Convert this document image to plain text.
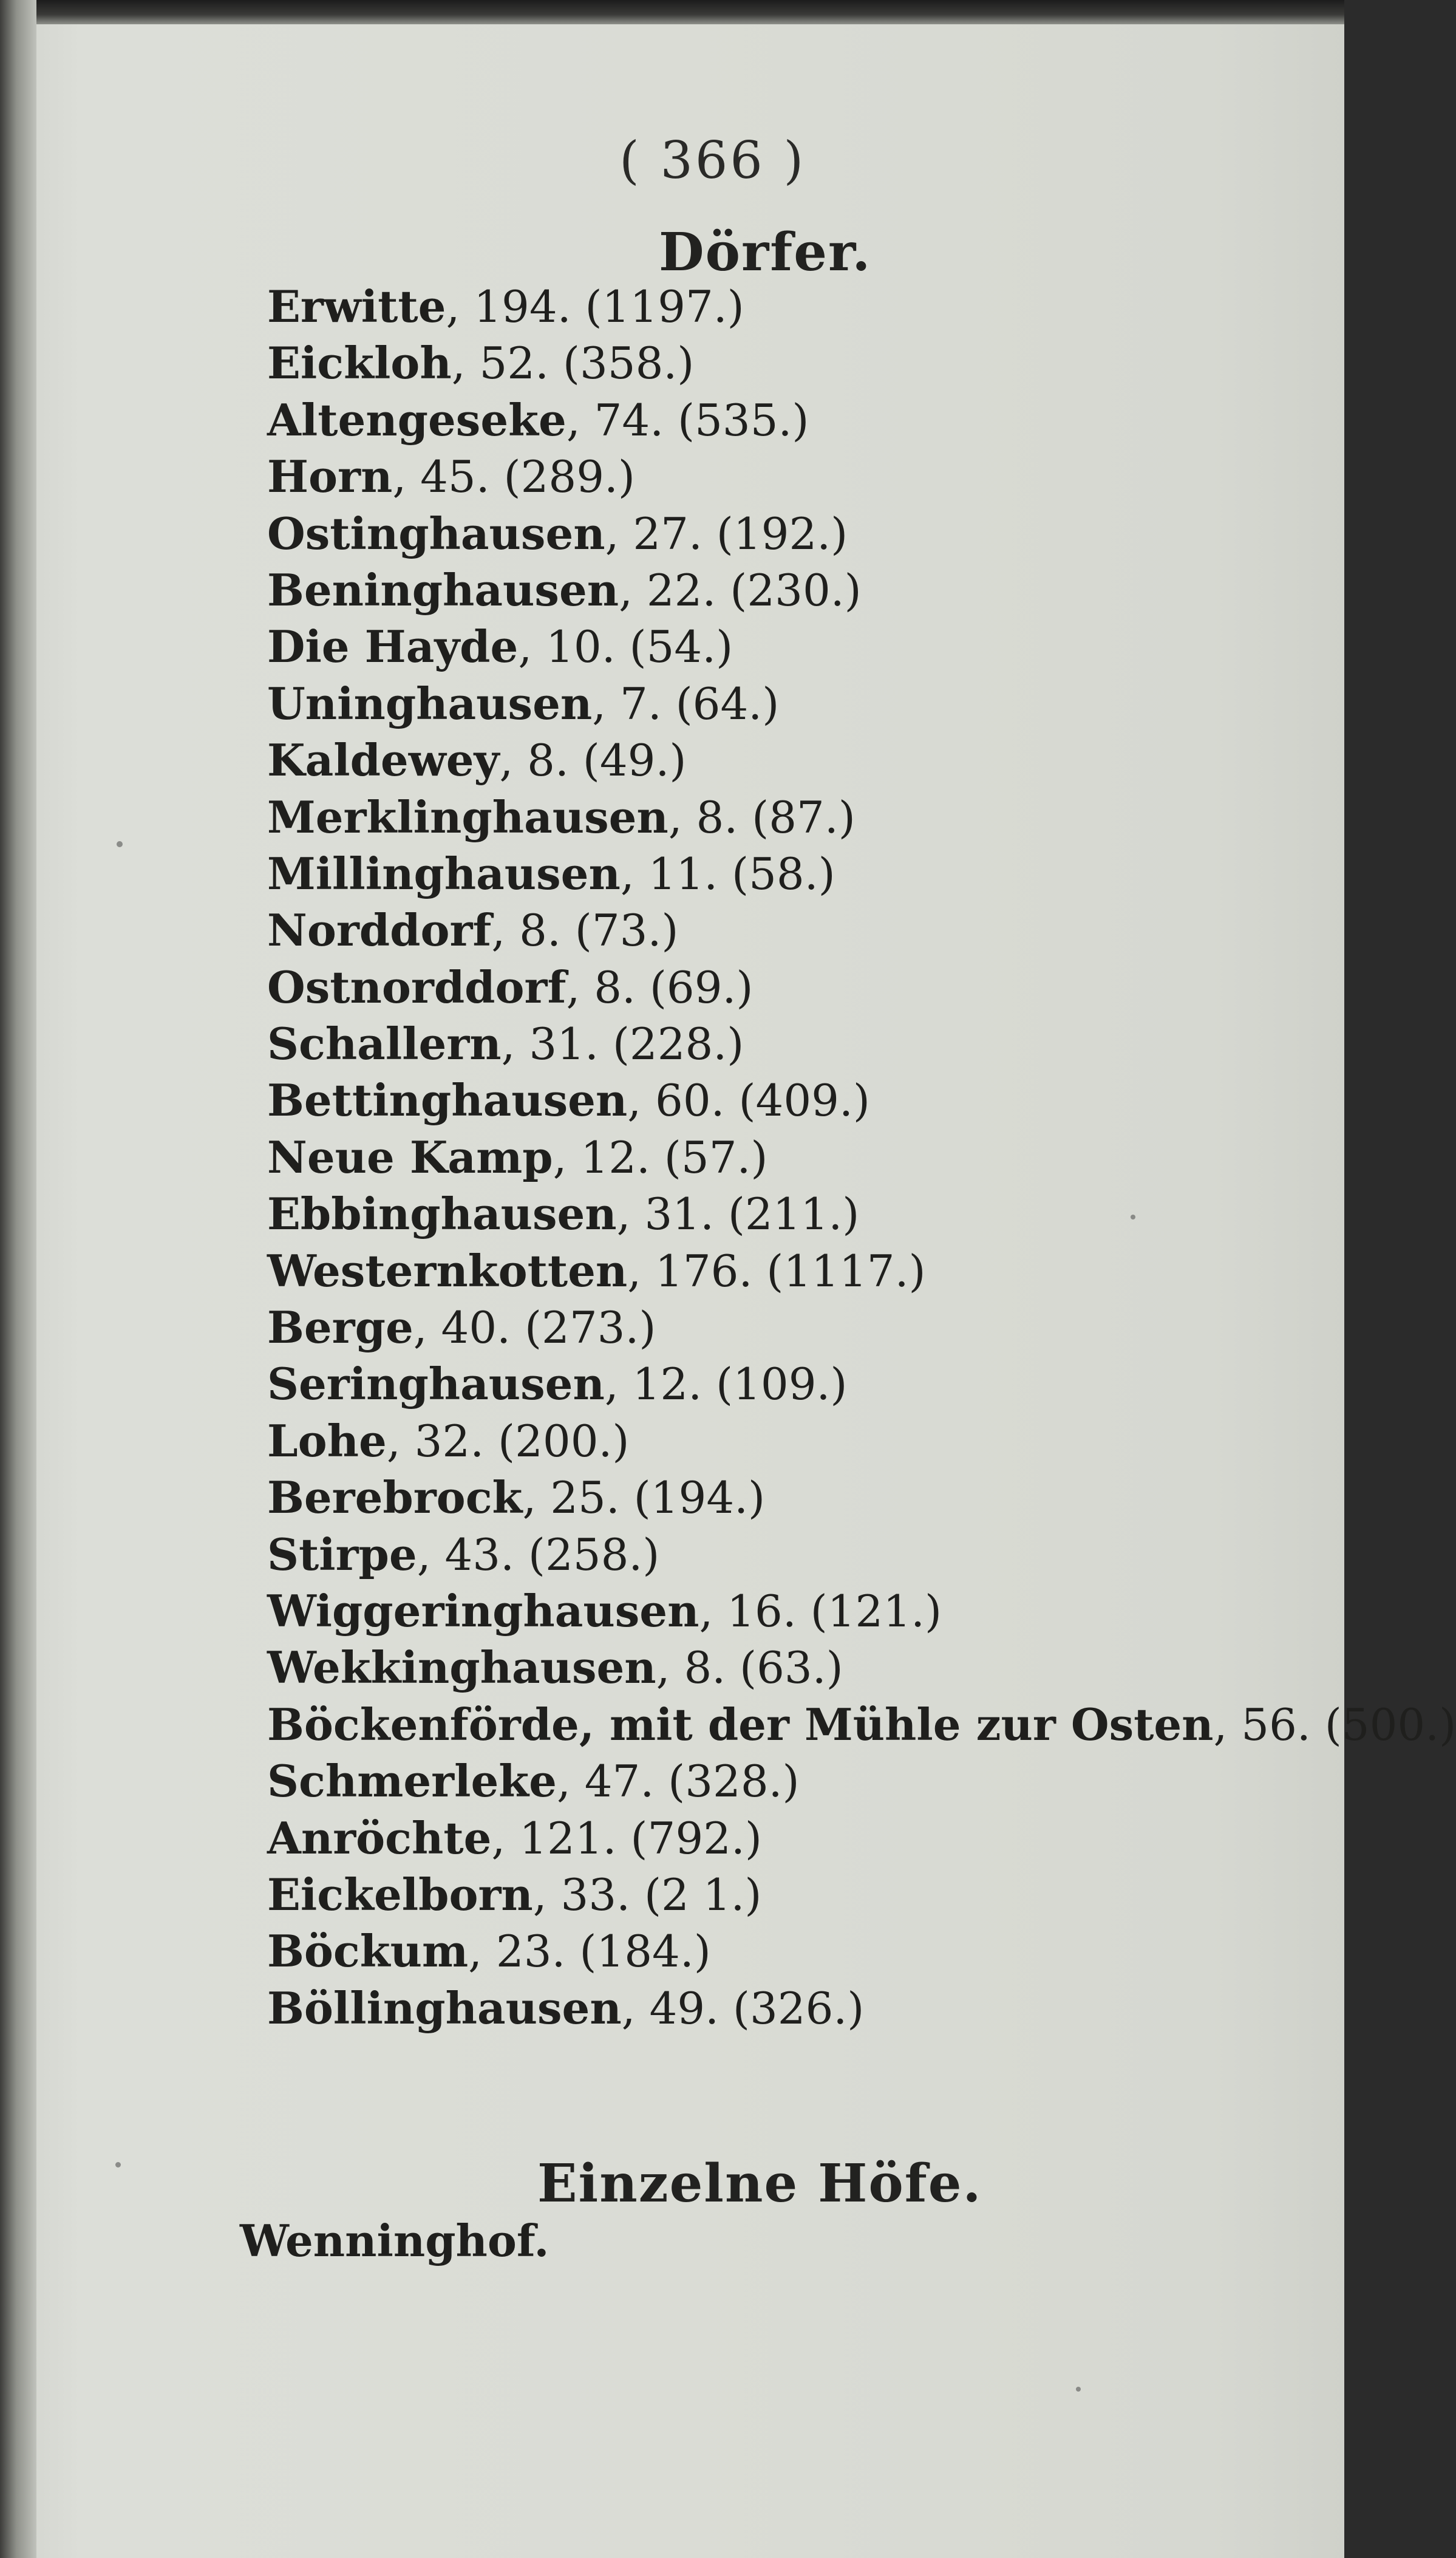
( 366 )
Dörfer.
Erwitte, 194. (1197.)
Eickloh, 52. (358.)
Altengeseke, 74. (535.)
Horn, 45. (289.)
Ostinghausen, 27. (192.)
Beninghausen, 22. (230.)
Die Hayde, 10. (54.)
Uninghausen, 7. (64.)
Kaldewey, 8. (49.)
Merklinghausen, 8. (87.)
Millinghausen, 11. (58.)
Norddorf, 8. (73.)
Ostnorddorf, 8. (69.)
Schallern, 31. (228.)
Bettinghausen, 60. (409.)
Neue Kamp, 12. (57.)
Ebbinghausen, 31. (211.)
Westernkotten, 176. (1117.)
Berge, 40. (273.)
Seringhausen, 12. (109.)
Lohe, 32. (200.)
Berebrock, 25. (194.)
Stirpe, 43. (258.)
Wiggeringhausen, 16. (121.)
Wekkinghausen, 8. (63.)
Böckenförde, mit der Mühle zur Osten, 56. (500.)
Schmerleke, 47. (328.)
Anröchte, 121. (792.)
Eickelborn, 33. (2 1.)
Böckum, 23. (184.)
Böllinghausen, 49. (326.)
Einzelne Höfe.
Wenninghof.
